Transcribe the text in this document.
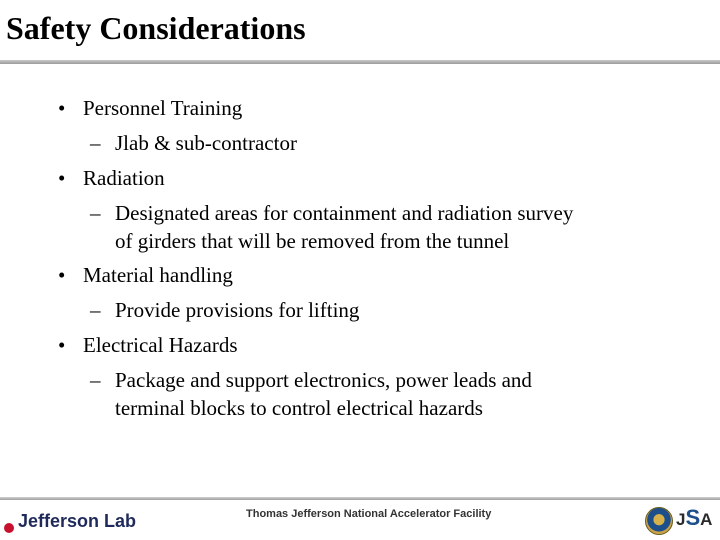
Safety Considerations
• Personnel Training
– Jlab & sub-contractor
• Radiation
– Designated areas for containment and radiation survey
of girders that will be removed from the tunnel
• Material handling
– Provide provisions for lifting
• Electrical Hazards
– Package and support electronics, power leads and
terminal blocks to control electrical hazards
Jefferson Lab	Thomas Jefferson National Accelerator Facility	JSA
